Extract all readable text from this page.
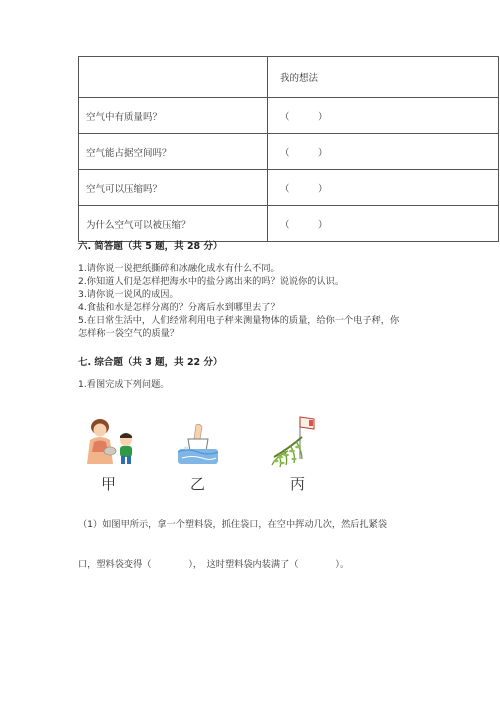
	我的想法
空气中有质量吗？	（　　　）
空气能占据空间吗？	（　　　）
空气可以压缩吗？	（　　　）
为什么空气可以被压缩？	（　　　）
六. 简答题（共 5 题，共 28 分）
1.请你说一说把纸撕碎和冰融化成水有什么不同。
2.你知道人们是怎样把海水中的盐分离出来的吗？说说你的认识。
3.请你说一说风的成因。
4.食盐和水是怎样分离的？分离后水到哪里去了？
5.在日常生活中，人们经常利用电子秤来测量物体的质量，给你一个电子秤，你
怎样称一袋空气的质量？
七. 综合题（共 3 题，共 22 分）
1.看图完成下列问题。
甲	乙	丙
（1）如图甲所示，拿一个塑料袋，抓住袋口，在空中挥动几次，然后扎紧袋
口，塑料袋变得（　　　　），　这时塑料袋内装满了（　　　　）。
